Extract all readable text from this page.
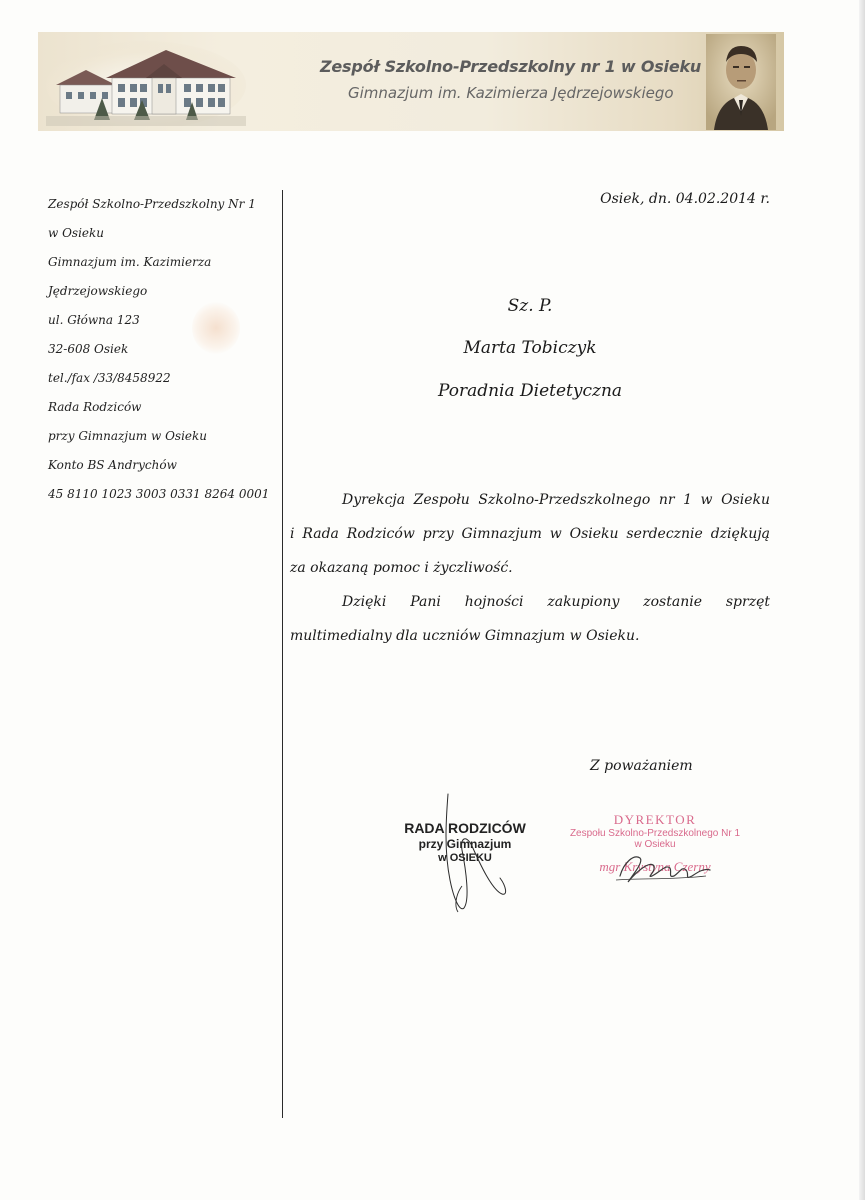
Zespół Szkolno-Przedszkolny nr 1 w Osieku
Gimnazjum im. Kazimierza Jędrzejowskiego
Zespół Szkolno-Przedszkolny Nr 1
w Osieku
Gimnazjum im. Kazimierza
Jędrzejowskiego
ul. Główna 123
32-608 Osiek
tel./fax /33/8458922
Rada Rodziców
przy Gimnazjum w Osieku
Konto BS Andrychów
45 8110 1023 3003 0331 8264 0001
Osiek, dn. 04.02.2014 r.
Sz. P.
Marta Tobiczyk
Poradnia Dietetyczna
Dyrekcja Zespołu Szkolno-Przedszkolnego nr 1 w Osieku
i Rada Rodziców przy Gimnazjum w Osieku serdecznie dziękują
za okazaną pomoc i życzliwość.
Dzięki Pani hojności zakupiony zostanie sprzęt
multimedialny dla uczniów Gimnazjum w Osieku.
Z poważaniem
RADA RODZICÓW
przy Gimnazjum
w OSIEKU
DYREKTOR
Zespołu Szkolno-Przedszkolnego Nr 1
w Osieku
mgr Krystyna Czerny
